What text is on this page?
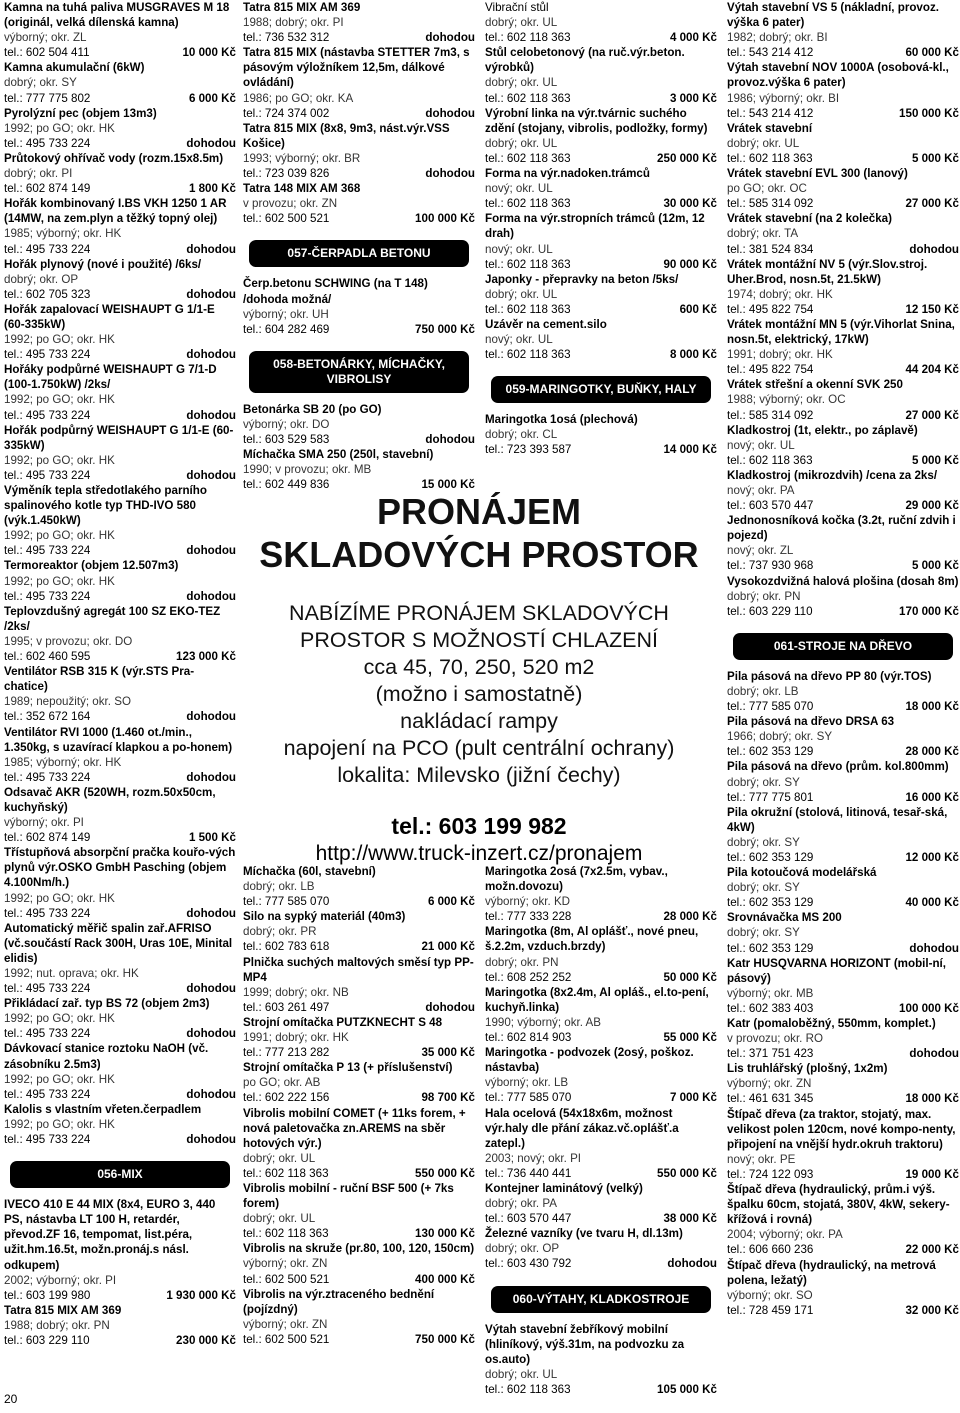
Kamna na tuhá paliva MUSGRAVES M 18 (originál, velká dílenská kamna)
výborný; okr. ZL
tel.: 602 504 411	10 000 Kč
Kamna akumulační (6kW)
dobrý; okr. SY
tel.: 777 775 802	6 000 Kč
Pyrolýzní pec (objem 13m3)
1992; po GO; okr. HK
tel.: 495 733 224	dohodou
Průtokový ohřívač vody (rozm.15x8.5m)
dobrý; okr. PI
tel.: 602 874 149	1 800 Kč
Hořák kombinovaný I.BS VKH 1250 1 AR (14MW, na zem.plyn a těžký topný olej)
1985; výborný; okr. HK
tel.: 495 733 224	dohodou
Hořák plynový (nové i použité) /6ks/
dobrý; okr. OP
tel.: 602 705 323	dohodou
Hořák zapalovací WEISHAUPT G 1/1-E (60-335kW)
1992; po GO; okr. HK
tel.: 495 733 224	dohodou
Hořáky podpůrné WEISHAUPT G 7/1-D (100-1.750kW) /2ks/
1992; po GO; okr. HK
tel.: 495 733 224	dohodou
Hořák podpůrný WEISHAUPT G 1/1-E (60-335kW)
1992; po GO; okr. HK
tel.: 495 733 224	dohodou
Výměník tepla středotlakého parního spalinového kotle typ THD-IVO 580 (výk.1.450kW)
1992; po GO; okr. HK
tel.: 495 733 224	dohodou
Termoreaktor (objem 12.507m3)
1992; po GO; okr. HK
tel.: 495 733 224	dohodou
Teplovzdušný agregát 100 SZ EKO-TEZ /2ks/
1995; v provozu; okr. DO
tel.: 602 460 595	123 000 Kč
Ventilátor RSB 315 K (výr.STS Pra-chatice)
1989; nepoužitý; okr. SO
tel.: 352 672 164	dohodou
Ventilátor RVI 1000 (1.460 ot./min., 1.350kg, s uzavírací klapkou a po-honem)
1985; výborný; okr. HK
tel.: 495 733 224	dohodou
Odsavač AKR (520WH, rozm.50x50cm, kuchyňský)
výborný; okr. PI
tel.: 602 874 149	1 500 Kč
Třístupňová absorpční pračka kouřo-vých plynů výr.OSKO GmbH Pasching (objem 4.100Nm/h.)
1992; po GO; okr. HK
tel.: 495 733 224	dohodou
Automatický měřič spalin zař.AFRISO (vč.součástí Rack 300H, Uras 10E, Minital elidis)
1992; nut. oprava; okr. HK
tel.: 495 733 224	dohodou
Přikládací zař. typ BS 72 (objem 2m3)
1992; po GO; okr. HK
tel.: 495 733 224	dohodou
Dávkovací stanice roztoku NaOH (vč. zásobníku 2.5m3)
1992; po GO; okr. HK
tel.: 495 733 224	dohodou
Kalolis s vlastním vřeten.čerpadlem
1992; po GO; okr. HK
tel.: 495 733 224	dohodou
056-MIX
IVECO 410 E 44 MIX (8x4, EURO 3, 440 PS, nástavba LT 100 H, retardér, převod.ZF 16, tempomat, list.péra, užit.hm.16.5t, možn.pronáj.s násl. odkupem)
2002; výborný; okr. PI
tel.: 603 199 980	1 930 000 Kč
Tatra 815 MIX AM 369
1988; dobrý; okr. PN
tel.: 603 229 110	230 000 Kč
Tatra 815 MIX AM 369
1988; dobrý; okr. PI
tel.: 736 532 312	dohodou
Tatra 815 MIX (nástavba STETTER 7m3, s pásovým výložníkem 12,5m, dálkové ovládání)
1986; po GO; okr. KA
tel.: 724 374 002	dohodou
Tatra 815 MIX (8x8, 9m3, nást.výr.VSS Košice)
1993; výborný; okr. BR
tel.: 723 039 826	dohodou
Tatra 148 MIX AM 368
v provozu; okr. ZN
tel.: 602 500 521	100 000 Kč
057-ČERPADLA BETONU
Čerp.betonu SCHWING (na T 148) /dohoda možná/
výborný; okr. UH
tel.: 604 282 469	750 000 Kč
058-BETONÁRKY, MÍCHAČKY, VIBROLISY
Betonárka SB 20 (po GO)
výborný; okr. DO
tel.: 603 529 583	dohodou
Míchačka SMA 250 (250l, stavební)
1990; v provozu; okr. MB
tel.: 602 449 836	15 000 Kč
Vibrační stůl
dobrý; okr. UL
tel.: 602 118 363	4 000 Kč
Stůl celobetonový (na ruč.výr.beton. výrobků)
dobrý; okr. UL
tel.: 602 118 363	3 000 Kč
Výrobní linka na výr.tvárnic suchého zdění (stojany, vibrolis, podložky, formy)
dobrý; okr. UL
tel.: 602 118 363	250 000 Kč
Forma na výr.nadoken.trámců
nový; okr. UL
tel.: 602 118 363	30 000 Kč
Forma na výr.stropních trámců (12m, 12 drah)
nový; okr. UL
tel.: 602 118 363	90 000 Kč
Japonky - přepravky na beton /5ks/
dobrý; okr. UL
tel.: 602 118 363	600 Kč
Uzávěr na cement.silo
nový; okr. UL
tel.: 602 118 363	8 000 Kč
059-MARINGOTKY, BUŇKY, HALY
Maringotka 1osá (plechová)
dobrý; okr. CL
tel.: 723 393 587	14 000 Kč
Výtah stavební VS 5 (nákladní, provoz. výška 6 pater)
1982; dobrý; okr. BI
tel.: 543 214 412	60 000 Kč
Výtah stavební NOV 1000A (osobová-kl., provoz.výška 6 pater)
1986; výborný; okr. BI
tel.: 543 214 412	150 000 Kč
Vrátek stavební
dobrý; okr. UL
tel.: 602 118 363	5 000 Kč
Vrátek stavební EVL 300 (lanový)
po GO; okr. OC
tel.: 585 314 092	27 000 Kč
Vrátek stavební (na 2 kolečka)
dobrý; okr. TA
tel.: 381 524 834	dohodou
Vrátek montážní NV 5 (výr.Slov.stroj. Uher.Brod, nosn.5t, 21.5kW)
1974; dobrý; okr. HK
tel.: 495 822 754	12 150 Kč
Vrátek montážní MN 5 (výr.Vihorlat Snina, nosn.5t, elektrický, 17kW)
1991; dobrý; okr. HK
tel.: 495 822 754	44 204 Kč
Vrátek střešní a okenní SVK 250
1988; výborný; okr. OC
tel.: 585 314 092	27 000 Kč
Kladkostroj (1t, elektr., po záplavě)
nový; okr. UL
tel.: 602 118 363	5 000 Kč
Kladkostroj (mikrozdvih) /cena za 2ks/
nový; okr. PA
tel.: 603 570 447	29 000 Kč
Jednonosníková kočka (3.2t, ruční zdvih i pojezd)
nový; okr. ZL
tel.: 737 930 968	5 000 Kč
Vysokozdvižná halová plošina (dosah 8m)
dobrý; okr. PN
tel.: 603 229 110	170 000 Kč
061-STROJE NA DŘEVO
Pila pásová na dřevo PP 80 (výr.TOS)
dobrý; okr. LB
tel.: 777 585 070	18 000 Kč
Pila pásová na dřevo DRSA 63
1966; dobrý; okr. SY
tel.: 602 353 129	28 000 Kč
Pila pásová na dřevo (prům. kol.800mm)
dobrý; okr. SY
tel.: 777 775 801	16 000 Kč
Pila okružní (stolová, litinová, tesař-ská, 4kW)
dobrý; okr. SY
tel.: 602 353 129	12 000 Kč
Pila kotoučová modelářská
dobrý; okr. SY
tel.: 602 353 129	40 000 Kč
Srovnávačka MS 200
dobrý; okr. SY
tel.: 602 353 129	dohodou
Katr HUSQVARNA HORIZONT (mobil-ní, pásový)
výborný; okr. MB
tel.: 602 383 403	100 000 Kč
Katr (pomaloběžný, 550mm, komplet.)
v provozu; okr. RO
tel.: 371 751 423	dohodou
Lis truhlářský (plošný, 1x2m)
výborný; okr. ZN
tel.: 461 631 345	18 000 Kč
Štípač dřeva (za traktor, stojatý, max. velikost polen 120cm, nové kompo-nenty, připojení na vnější hydr.okruh traktoru)
nový; okr. PE
tel.: 724 122 093	19 000 Kč
Štípač dřeva (hydraulický, prům.i výš. špalku 60cm, stojatá, 380V, 4kW, sekery-křížová i rovná)
2004; výborný; okr. PA
tel.: 606 660 236	22 000 Kč
Štípač dřeva (hydraulický, na metrová polena, ležatý)
výborný; okr. SO
tel.: 728 459 171	32 000 Kč
Míchačka (60l, stavební)
dobrý; okr. LB
tel.: 777 585 070	6 000 Kč
Silo na sypký materiál (40m3)
dobrý; okr. PR
tel.: 602 783 618	21 000 Kč
Plnička suchých maltových směsí typ PP-MP4
1999; dobrý; okr. NB
tel.: 603 261 497	dohodou
Strojní omítačka PUTZKNECHT S 48
1991; dobrý; okr. HK
tel.: 777 213 282	35 000 Kč
Strojní omítačka P 13 (+ příslušenství)
po GO; okr. AB
tel.: 602 222 156	98 700 Kč
Vibrolis mobilní COMET (+ 11ks forem, + nová paletovačka zn.AREMS na sběr hotových výr.)
dobrý; okr. UL
tel.: 602 118 363	550 000 Kč
Vibrolis mobilní - ruční BSF 500 (+ 7ks forem)
dobrý; okr. UL
tel.: 602 118 363	130 000 Kč
Vibrolis na skruže (pr.80, 100, 120, 150cm)
výborný; okr. ZN
tel.: 602 500 521	400 000 Kč
Vibrolis na výr.ztraceného bednění (pojízdný)
výborný; okr. ZN
tel.: 602 500 521	750 000 Kč
Maringotka 2osá (7x2.5m, vybav., možn.dovozu)
výborný; okr. KD
tel.: 777 333 228	28 000 Kč
Maringotka (8m, Al oplášť., nové pneu, š.2.2m, vzduch.brzdy)
dobrý; okr. PN
tel.: 608 252 252	50 000 Kč
Maringotka (8x2.4m, Al opláš., el.to-pení, kuchyň.linka)
1990; výborný; okr. AB
tel.: 602 814 903	55 000 Kč
Maringotka - podvozek (2osý, poškoz. nástavba)
výborný; okr. LB
tel.: 777 585 070	7 000 Kč
Hala ocelová (54x18x6m, možnost výr.haly dle přání zákaz.vč.oplášť.a zatepl.)
2003; nový; okr. PI
tel.: 736 440 441	550 000 Kč
Kontejner laminátový (velký)
dobrý; okr. PA
tel.: 603 570 447	38 000 Kč
Železné vazníky (ve tvaru H, dl.13m)
dobrý; okr. OP
tel.: 603 430 792	dohodou
060-VÝTAHY, KLADKOSTROJE
Výtah stavební žebříkový mobilní (hliníkový, výš.31m, na podvozku za os.auto)
dobrý; okr. UL
tel.: 602 118 363	105 000 Kč
PRONÁJEM
SKLADOVÝCH PROSTOR
NABÍZÍME PRONÁJEM SKLADOVÝCH
PROSTOR S MOŽNOSTÍ CHLAZENÍ
cca 45, 70, 250, 520 m2
(možno i samostatně)
nakládací rampy
napojení na PCO (pult centrální ochrany)
lokalita: Milevsko (jižní čechy)
tel.: 603 199 982
http://www.truck-inzert.cz/pronajem
20
